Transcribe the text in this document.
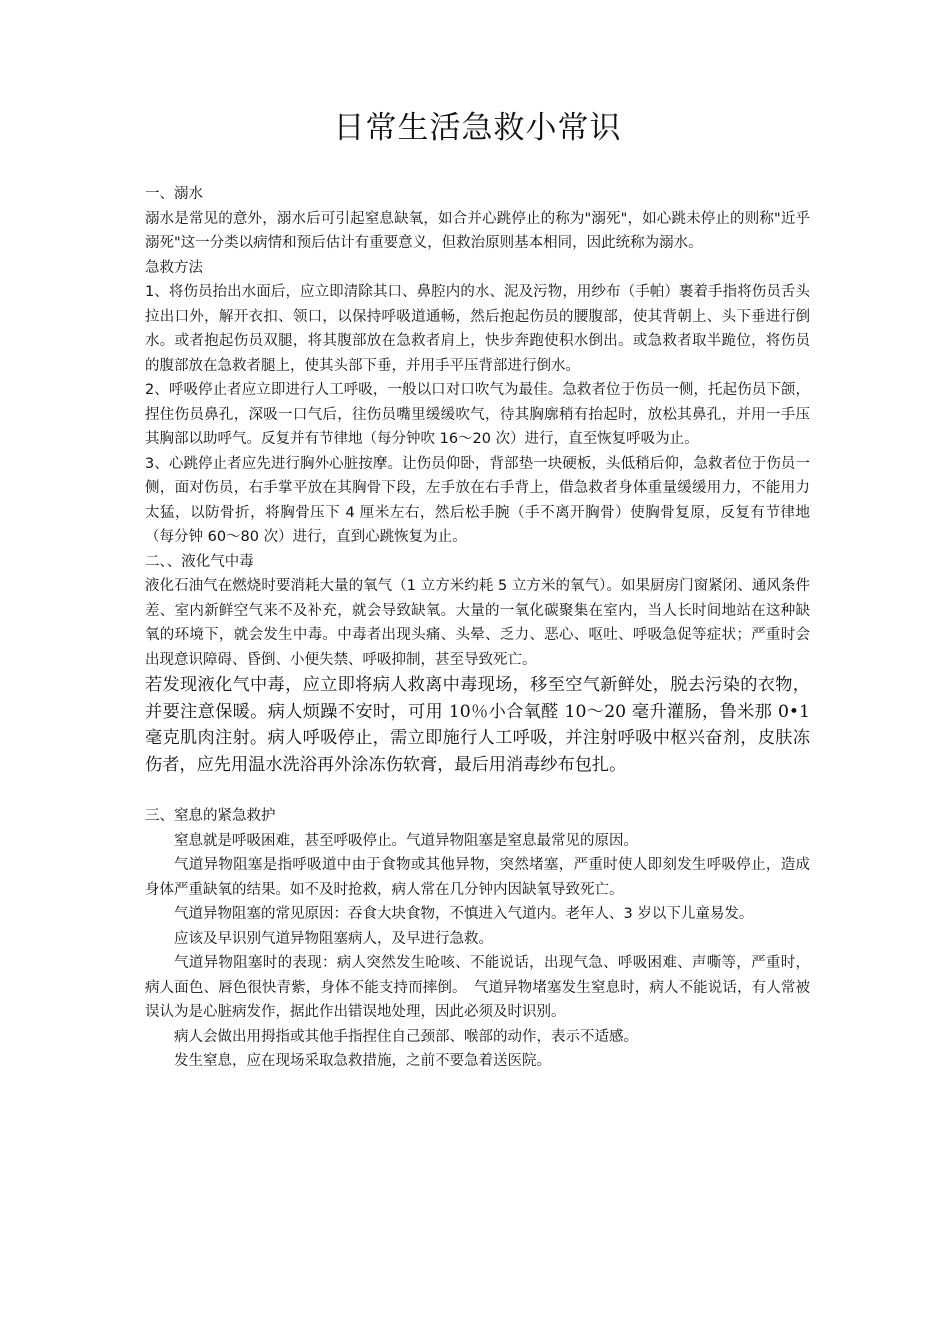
日常生活急救小常识

一、溺水

溺水是常见的意外，溺水后可引起窒息缺氧，如合并心跳停止的称为"溺死"，如心跳未停止的则称"近乎溺死"这一分类以病情和预后估计有重要意义，但救治原则基本相同，因此统称为溺水。

急救方法

1、将伤员抬出水面后，应立即清除其口、鼻腔内的水、泥及污物，用纱布（手帕）裹着手指将伤员舌头拉出口外，解开衣扣、领口，以保持呼吸道通畅，然后抱起伤员的腰腹部，使其背朝上、头下垂进行倒水。或者抱起伤员双腿，将其腹部放在急救者肩上，快步奔跑使积水倒出。或急救者取半跪位，将伤员的腹部放在急救者腿上，使其头部下垂，并用手平压背部进行倒水。

2、呼吸停止者应立即进行人工呼吸，一般以口对口吹气为最佳。急救者位于伤员一侧，托起伤员下颌，捏住伤员鼻孔，深吸一口气后，往伤员嘴里缓缓吹气，待其胸廓稍有抬起时，放松其鼻孔，并用一手压其胸部以助呼气。反复并有节律地（每分钟吹 16～20 次）进行，直至恢复呼吸为止。

3、心跳停止者应先进行胸外心脏按摩。让伤员仰卧，背部垫一块硬板，头低稍后仰，急救者位于伤员一侧，面对伤员，右手掌平放在其胸骨下段，左手放在右手背上，借急救者身体重量缓缓用力，不能用力太猛，以防骨折，将胸骨压下 4 厘米左右，然后松手腕（手不离开胸骨）使胸骨复原，反复有节律地（每分钟 60～80 次）进行，直到心跳恢复为止。

二、、液化气中毒

液化石油气在燃烧时要消耗大量的氧气（1 立方米约耗 5 立方米的氧气）。如果厨房门窗紧闭、通风条件差、室内新鲜空气来不及补充，就会导致缺氧。大量的一氧化碳聚集在室内，当人长时间地站在这种缺氧的环境下，就会发生中毒。中毒者出现头痛、头晕、乏力、恶心、呕吐、呼吸急促等症状；严重时会出现意识障碍、昏倒、小便失禁、呼吸抑制，甚至导致死亡。

若发现液化气中毒，应立即将病人救离中毒现场，移至空气新鲜处，脱去污染的衣物，并要注意保暖。病人烦躁不安时，可用 10％小合氧醛 10～20 毫升灌肠，鲁米那 0•1 毫克肌肉注射。病人呼吸停止，需立即施行人工呼吸，并注射呼吸中枢兴奋剂，皮肤冻伤者，应先用温水洗浴再外涂冻伤软膏，最后用消毒纱布包扎。

三、窒息的紧急救护

窒息就是呼吸困难，甚至呼吸停止。气道异物阻塞是窒息最常见的原因。

气道异物阻塞是指呼吸道中由于食物或其他异物，突然堵塞，严重时使人即刻发生呼吸停止，造成身体严重缺氧的结果。如不及时抢救，病人常在几分钟内因缺氧导致死亡。

气道异物阻塞的常见原因：吞食大块食物，不慎进入气道内。老年人、3 岁以下儿童易发。

应该及早识别气道异物阻塞病人，及早进行急救。

气道异物阻塞时的表现：病人突然发生呛咳、不能说话，出现气急、呼吸困难、声嘶等，严重时，病人面色、唇色很快青紫，身体不能支持而摔倒。　气道异物堵塞发生窒息时，病人不能说话，有人常被误认为是心脏病发作，据此作出错误地处理，因此必须及时识别。

病人会做出用拇指或其他手指捏住自己颈部、喉部的动作，表示不适感。

发生窒息，应在现场采取急救措施，之前不要急着送医院。
